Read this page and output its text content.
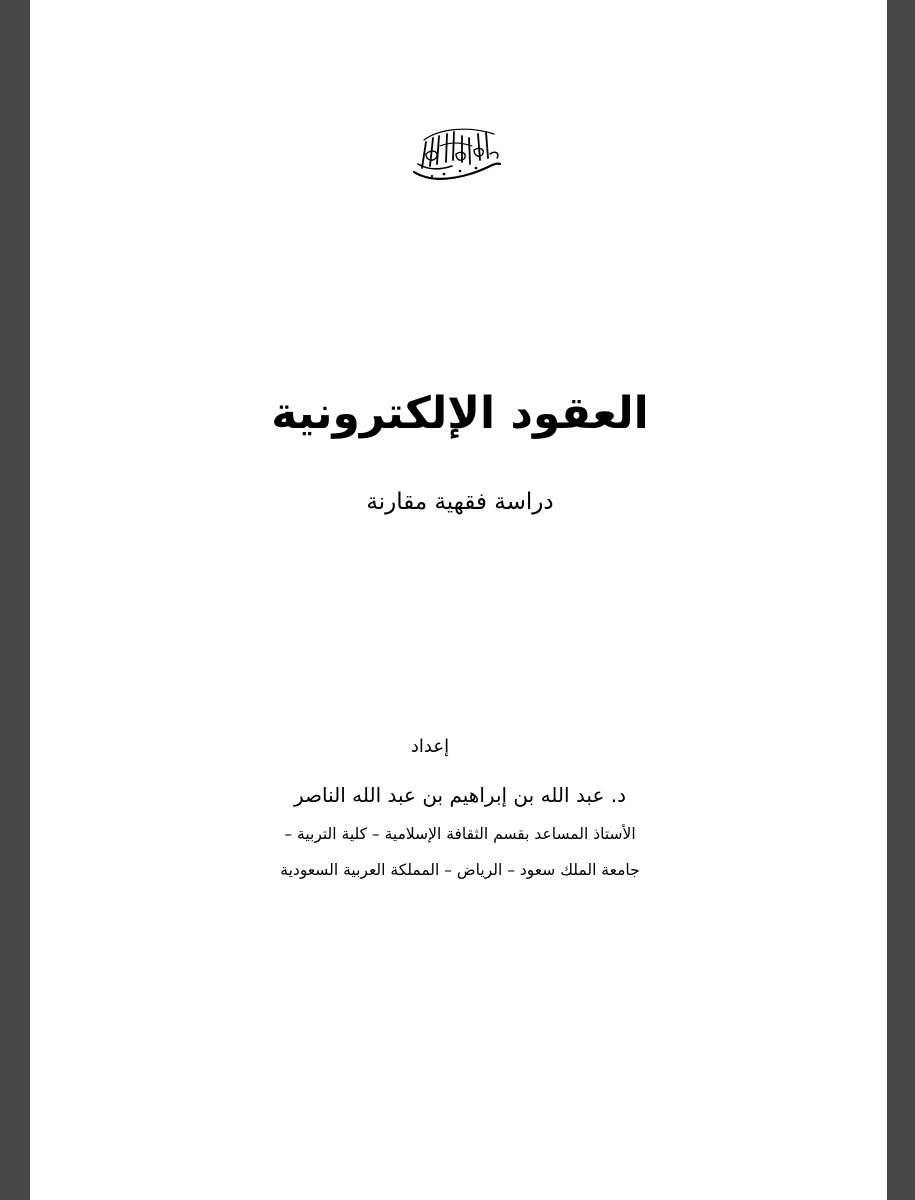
العقود الإلكترونية
دراسة فقهية مقارنة
إعداد
د. عبد الله بن إبراهيم بن عبد الله الناصر
الأستاذ المساعد بقسم الثقافة الإسلامية – كلية التربية –
جامعة الملك سعود – الرياض – المملكة العربية السعودية
